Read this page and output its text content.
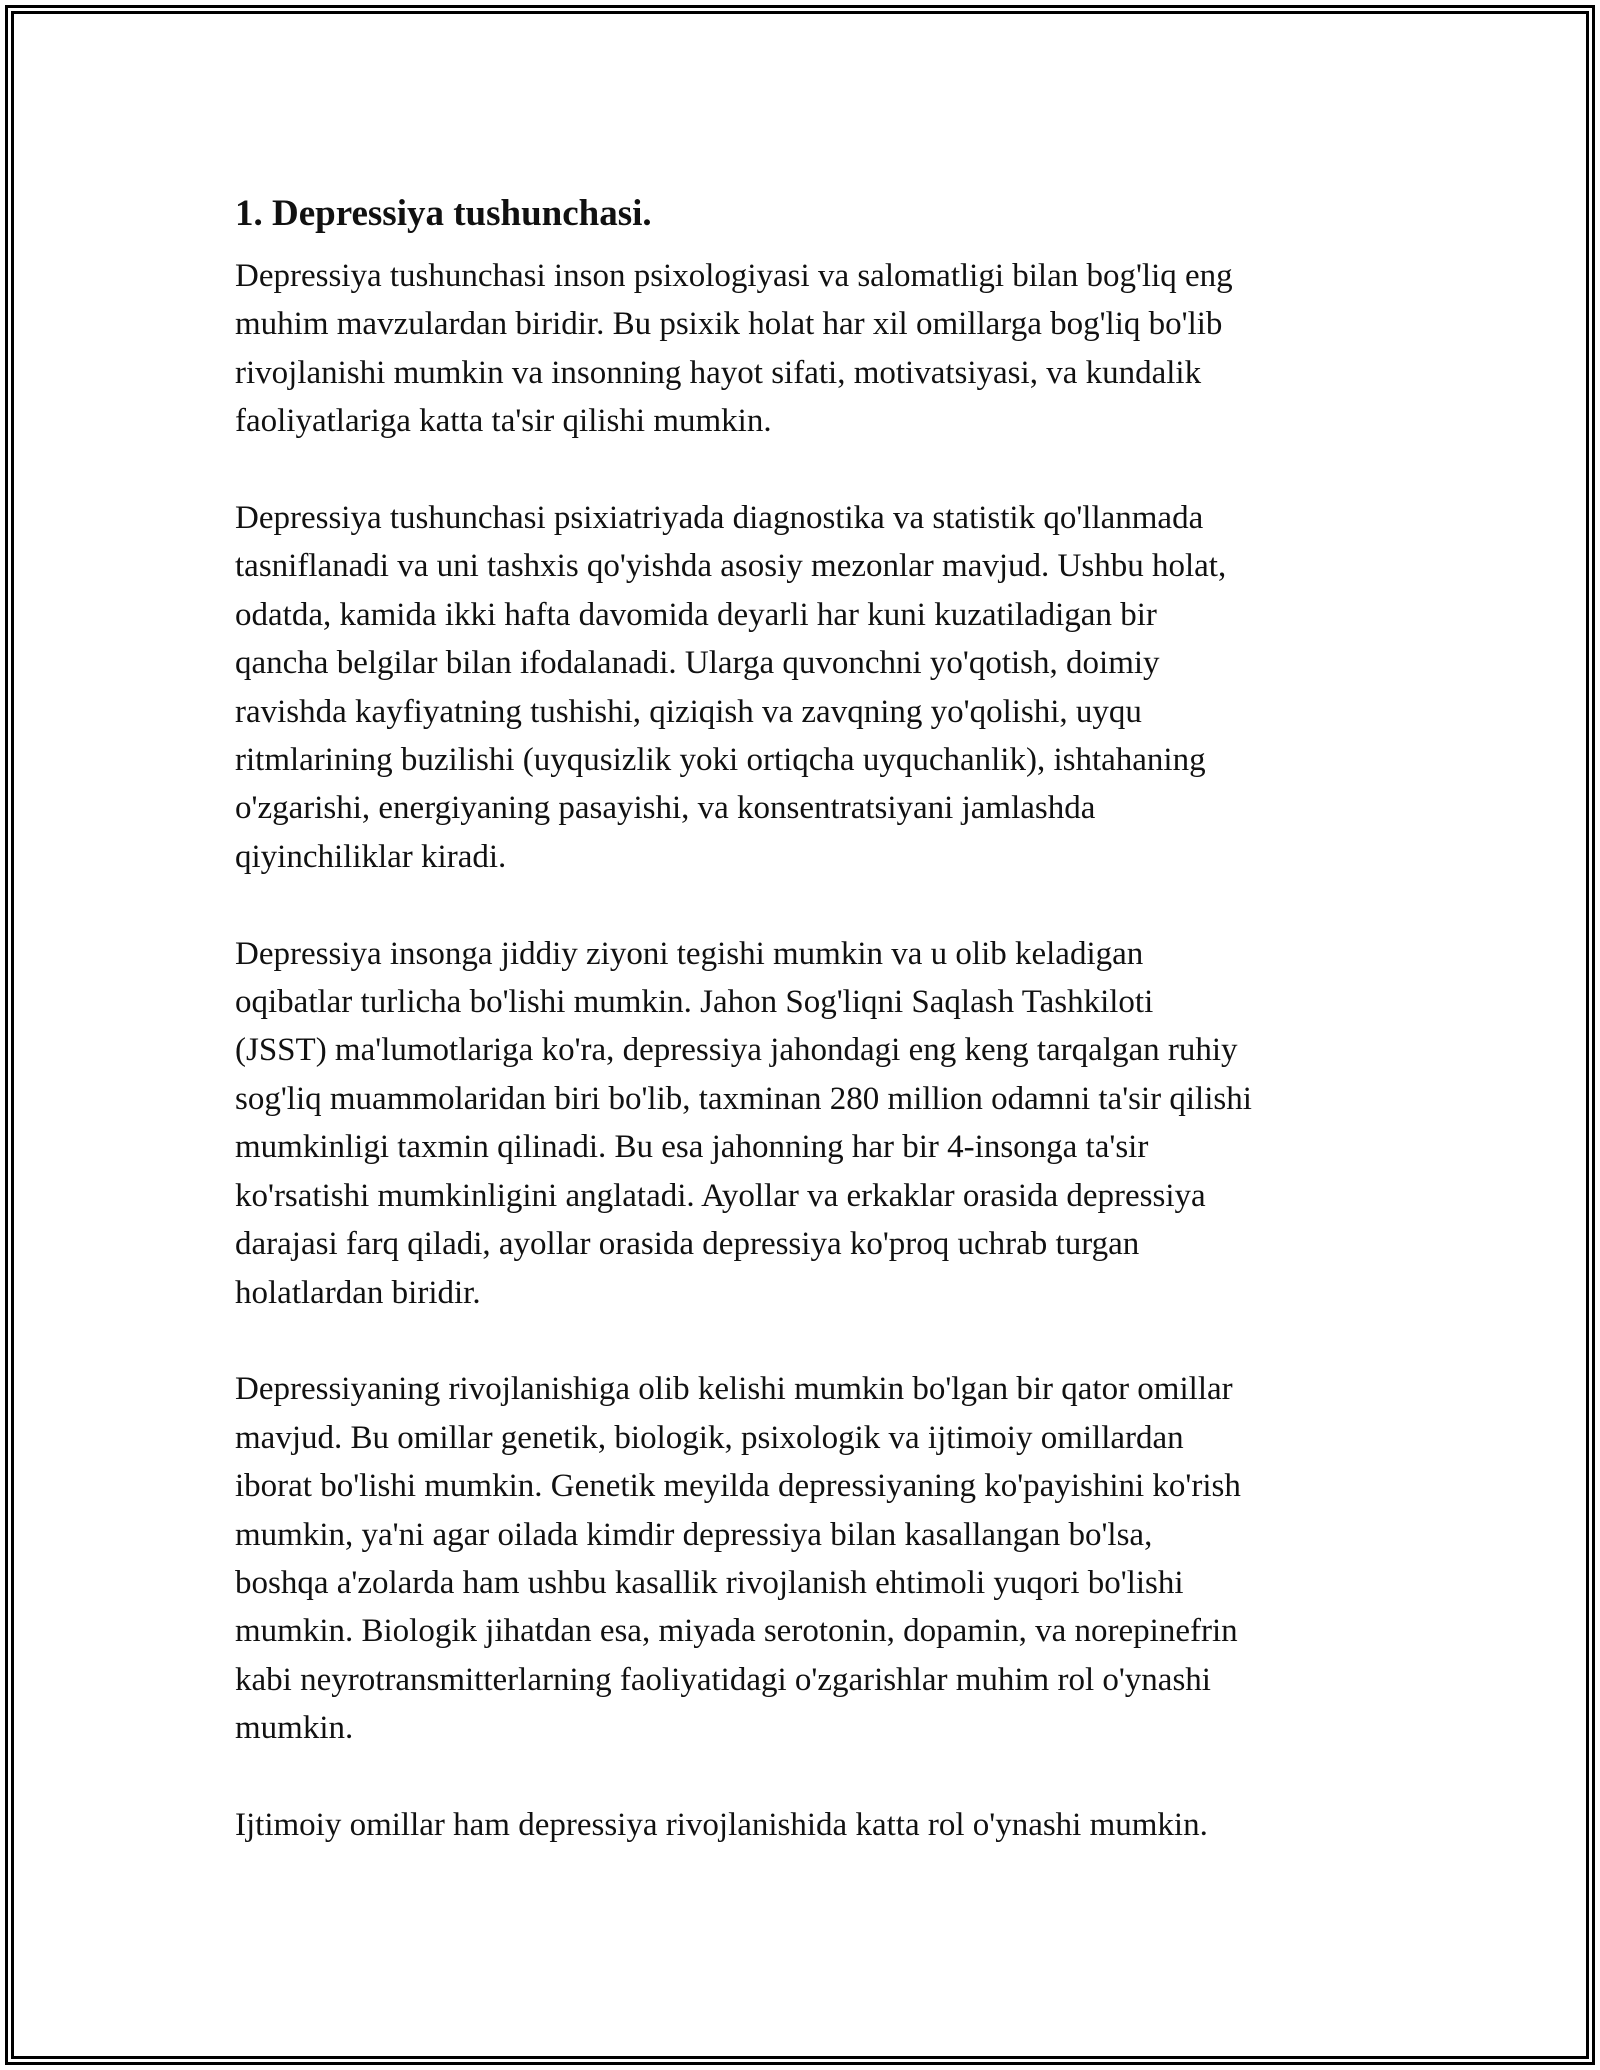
1. Depressiya tushunchasi.

Depressiya tushunchasi inson psixologiyasi va salomatligi bilan bog'liq eng
muhim mavzulardan biridir. Bu psixik holat har xil omillarga bog'liq bo'lib
rivojlanishi mumkin va insonning hayot sifati, motivatsiyasi, va kundalik
faoliyatlariga katta ta'sir qilishi mumkin.

Depressiya tushunchasi psixiatriyada diagnostika va statistik qo'llanmada
tasniflanadi va uni tashxis qo'yishda asosiy mezonlar mavjud. Ushbu holat,
odatda, kamida ikki hafta davomida deyarli har kuni kuzatiladigan bir
qancha belgilar bilan ifodalanadi. Ularga quvonchni yo'qotish, doimiy
ravishda kayfiyatning tushishi, qiziqish va zavqning yo'qolishi, uyqu
ritmlarining buzilishi (uyqusizlik yoki ortiqcha uyquchanlik), ishtahaning
o'zgarishi, energiyaning pasayishi, va konsentratsiyani jamlashda
qiyinchiliklar kiradi.

Depressiya insonga jiddiy ziyoni tegishi mumkin va u olib keladigan
oqibatlar turlicha bo'lishi mumkin. Jahon Sog'liqni Saqlash Tashkiloti
(JSST) ma'lumotlariga ko'ra, depressiya jahondagi eng keng tarqalgan ruhiy
sog'liq muammolaridan biri bo'lib, taxminan 280 million odamni ta'sir qilishi
mumkinligi taxmin qilinadi. Bu esa jahonning har bir 4-insonga ta'sir
ko'rsatishi mumkinligini anglatadi. Ayollar va erkaklar orasida depressiya
darajasi farq qiladi, ayollar orasida depressiya ko'proq uchrab turgan
holatlardan biridir.

Depressiyaning rivojlanishiga olib kelishi mumkin bo'lgan bir qator omillar
mavjud. Bu omillar genetik, biologik, psixologik va ijtimoiy omillardan
iborat bo'lishi mumkin. Genetik meyilda depressiyaning ko'payishini ko'rish
mumkin, ya'ni agar oilada kimdir depressiya bilan kasallangan bo'lsa,
boshqa a'zolarda ham ushbu kasallik rivojlanish ehtimoli yuqori bo'lishi
mumkin. Biologik jihatdan esa, miyada serotonin, dopamin, va norepinefrin
kabi neyrotransmitterlarning faoliyatidagi o'zgarishlar muhim rol o'ynashi
mumkin.

Ijtimoiy omillar ham depressiya rivojlanishida katta rol o'ynashi mumkin.
